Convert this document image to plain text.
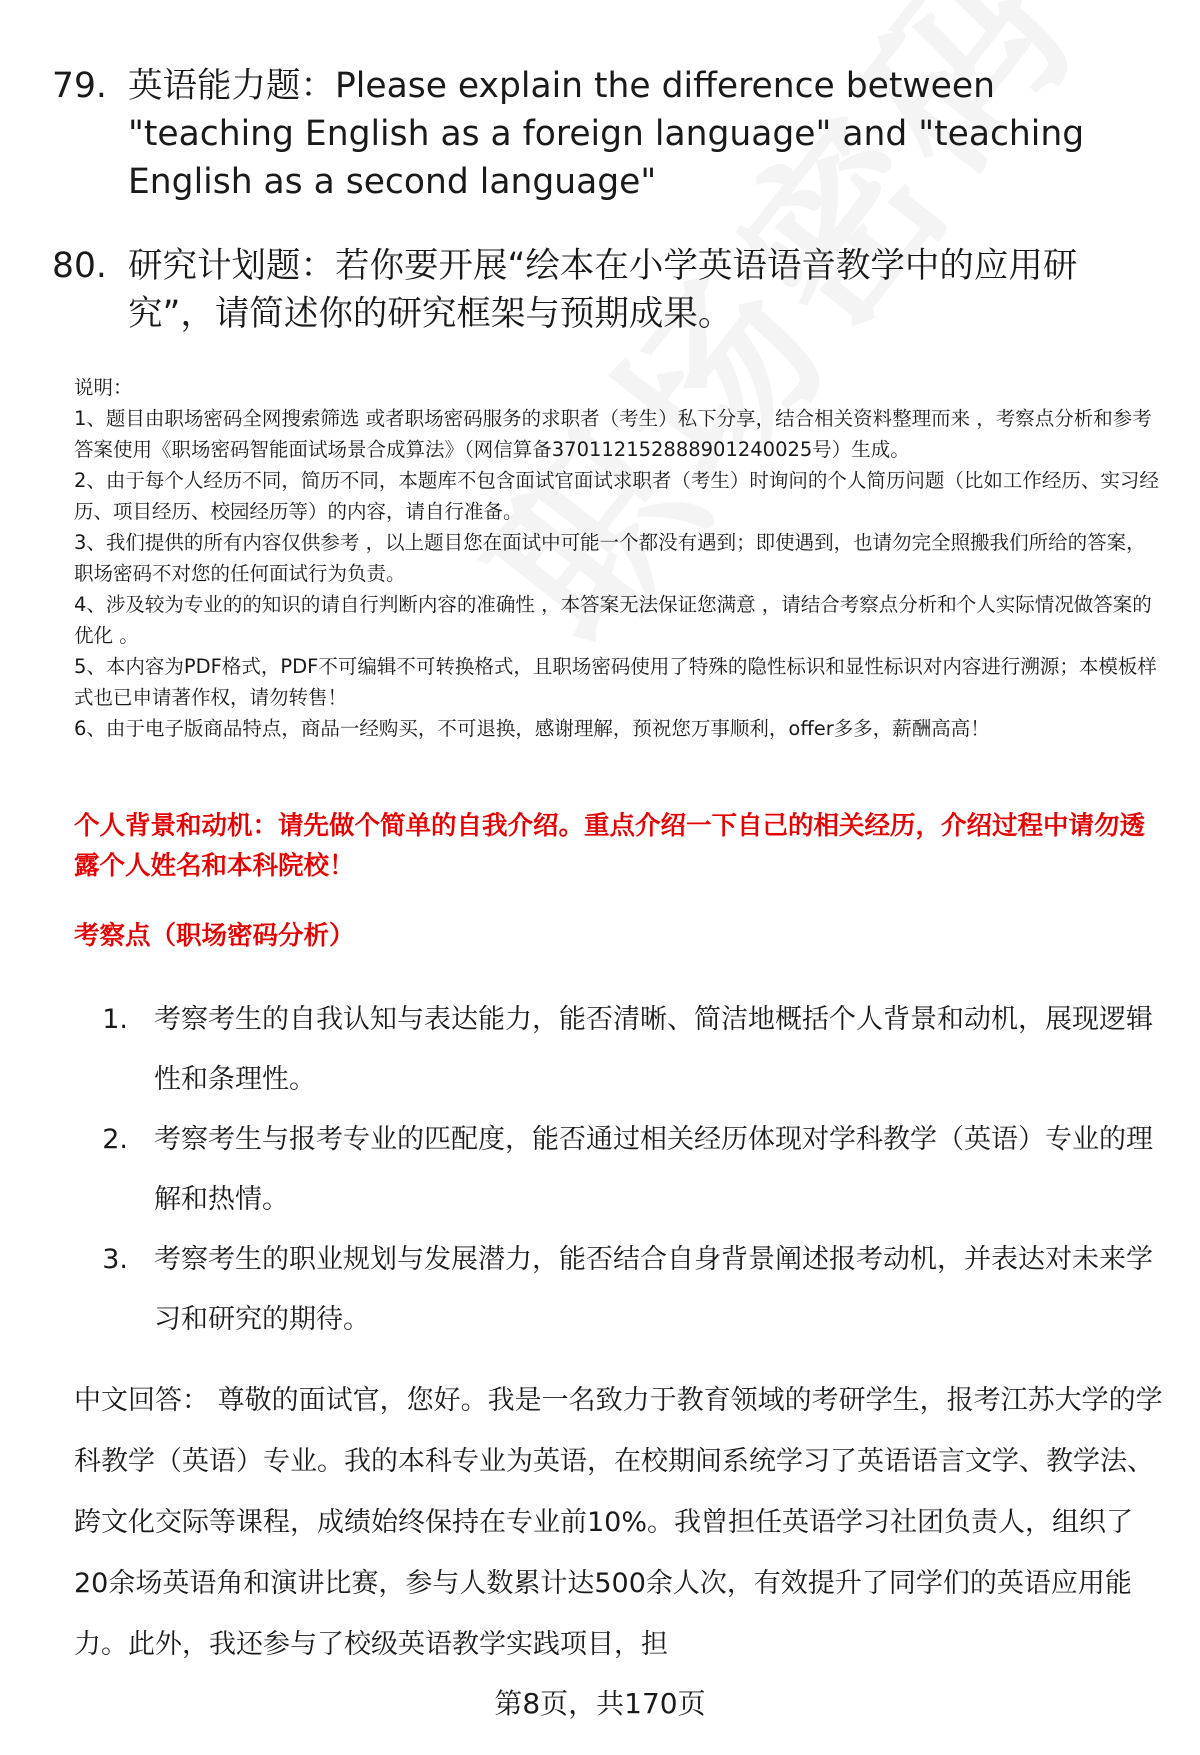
79. 英语能力题：Please explain the difference between "teaching English as a foreign language" and "teaching English as a second language"
80. 研究计划题：若你要开展“绘本在小学英语语音教学中的应用研究”，请简述你的研究框架与预期成果。
说明：
1、题目由职场密码全网搜索筛选 或者职场密码服务的求职者（考生）私下分享，结合相关资料整理而来 ，考察点分析和参考答案使用《职场密码智能面试场景合成算法》（网信算备370112152888901240025号）生成。
2、由于每个人经历不同，简历不同，本题库不包含面试官面试求职者（考生）时询问的个人简历问题（比如工作经历、实习经历、项目经历、校园经历等）的内容，请自行准备。
3、我们提供的所有内容仅供参考 ，以上题目您在面试中可能一个都没有遇到；即使遇到，也请勿完全照搬我们所给的答案，职场密码不对您的任何面试行为负责。
4、涉及较为专业的的知识的请自行判断内容的准确性 ，本答案无法保证您满意 ，请结合考察点分析和个人实际情况做答案的优化 。
5、本内容为PDF格式，PDF不可编辑不可转换格式，且职场密码使用了特殊的隐性标识和显性标识对内容进行溯源；本模板样式也已申请著作权，请勿转售！
6、由于电子版商品特点，商品一经购买，不可退换，感谢理解，预祝您万事顺利，offer多多，薪酬高高！
个人背景和动机：请先做个简单的自我介绍。重点介绍一下自己的相关经历，介绍过程中请勿透露个人姓名和本科院校！
考察点（职场密码分析）
1. 考察考生的自我认知与表达能力，能否清晰、简洁地概括个人背景和动机，展现逻辑性和条理性。
2. 考察考生与报考专业的匹配度，能否通过相关经历体现对学科教学（英语）专业的理解和热情。
3. 考察考生的职业规划与发展潜力，能否结合自身背景阐述报考动机，并表达对未来学习和研究的期待。
中文回答： 尊敬的面试官，您好。我是一名致力于教育领域的考研学生，报考江苏大学的学科教学（英语）专业。我的本科专业为英语，在校期间系统学习了英语语言文学、教学法、跨文化交际等课程，成绩始终保持在专业前10%。我曾担任英语学习社团负责人，组织了20余场英语角和演讲比赛，参与人数累计达500余人次，有效提升了同学们的英语应用能力。此外，我还参与了校级英语教学实践项目，担
第8页，共170页
